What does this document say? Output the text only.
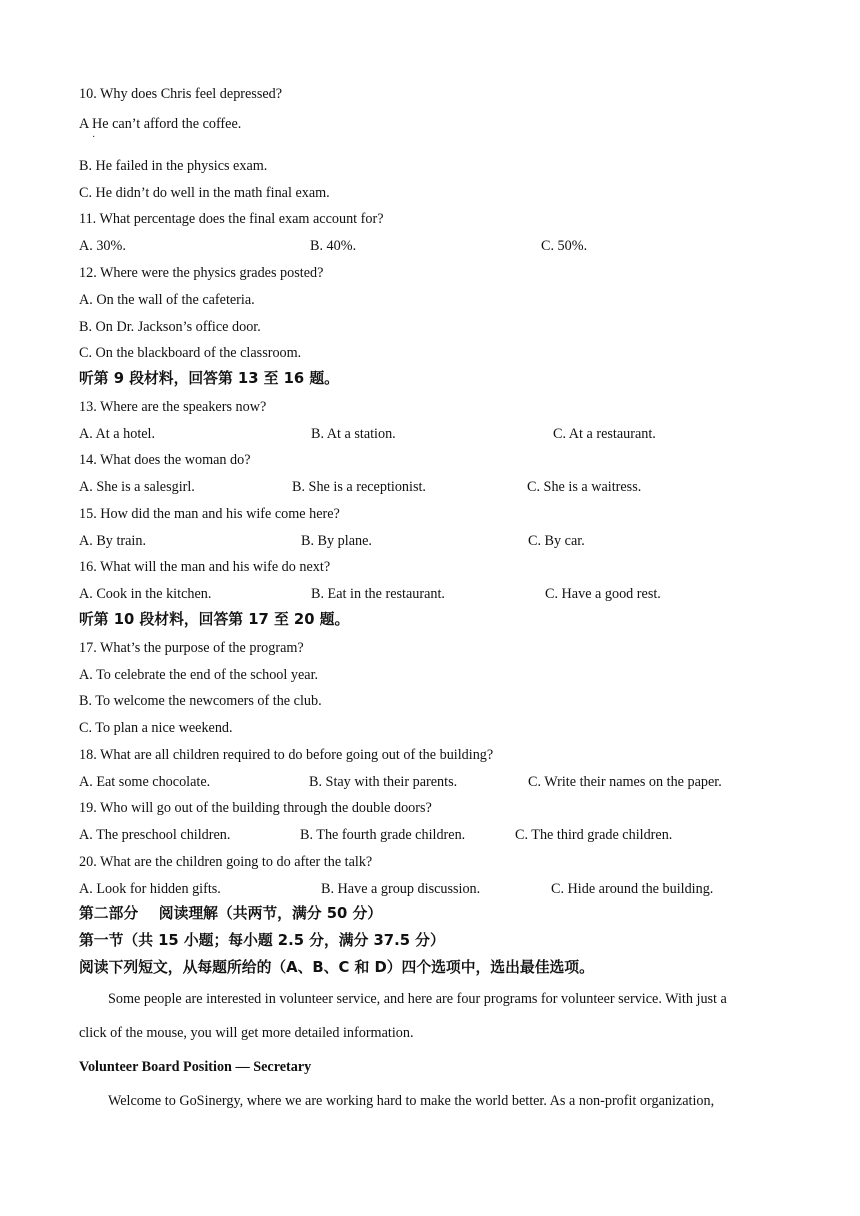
10. Why does Chris feel depressed?
A He can’t afford the coffee.
·
B. He failed in the physics exam.
C. He didn’t do well in the math final exam.
11. What percentage does the final exam account for?
A. 30%.	B. 40%.	C. 50%.
12. Where were the physics grades posted?
A. On the wall of the cafeteria.
B. On Dr. Jackson’s office door.
C. On the blackboard of the classroom.
听第 9 段材料，回答第 13 至 16 题。
13. Where are the speakers now?
A. At a hotel.	B. At a station.	C. At a restaurant.
14. What does the woman do?
A. She is a salesgirl.	B. She is a receptionist.	C. She is a waitress.
15. How did the man and his wife come here?
A. By train.	B. By plane.	C. By car.
16. What will the man and his wife do next?
A. Cook in the kitchen.	B. Eat in the restaurant.	C. Have a good rest.
听第 10 段材料，回答第 17 至 20 题。
17. What’s the purpose of the program?
A. To celebrate the end of the school year.
B. To welcome the newcomers of the club.
C. To plan a nice weekend.
18. What are all children required to do before going out of the building?
A. Eat some chocolate.	B. Stay with their parents.	C. Write their names on the paper.
19. Who will go out of the building through the double doors?
A. The preschool children.	B. The fourth grade children.	C. The third grade children.
20. What are the children going to do after the talk?
A. Look for hidden gifts.	B. Have a group discussion.	C. Hide around the building.
第二部分    阅读理解（共两节，满分 50 分）
第一节（共 15 小题；每小题 2.5 分，满分 37.5 分）
阅读下列短文，从每题所给的（A、B、C 和 D）四个选项中，选出最佳选项。
Some people are interested in volunteer service, and here are four programs for volunteer service. With just a
click of the mouse, you will get more detailed information.
Volunteer Board Position — Secretary
Welcome to GoSinergy, where we are working hard to make the world better. As a non-profit organization,
